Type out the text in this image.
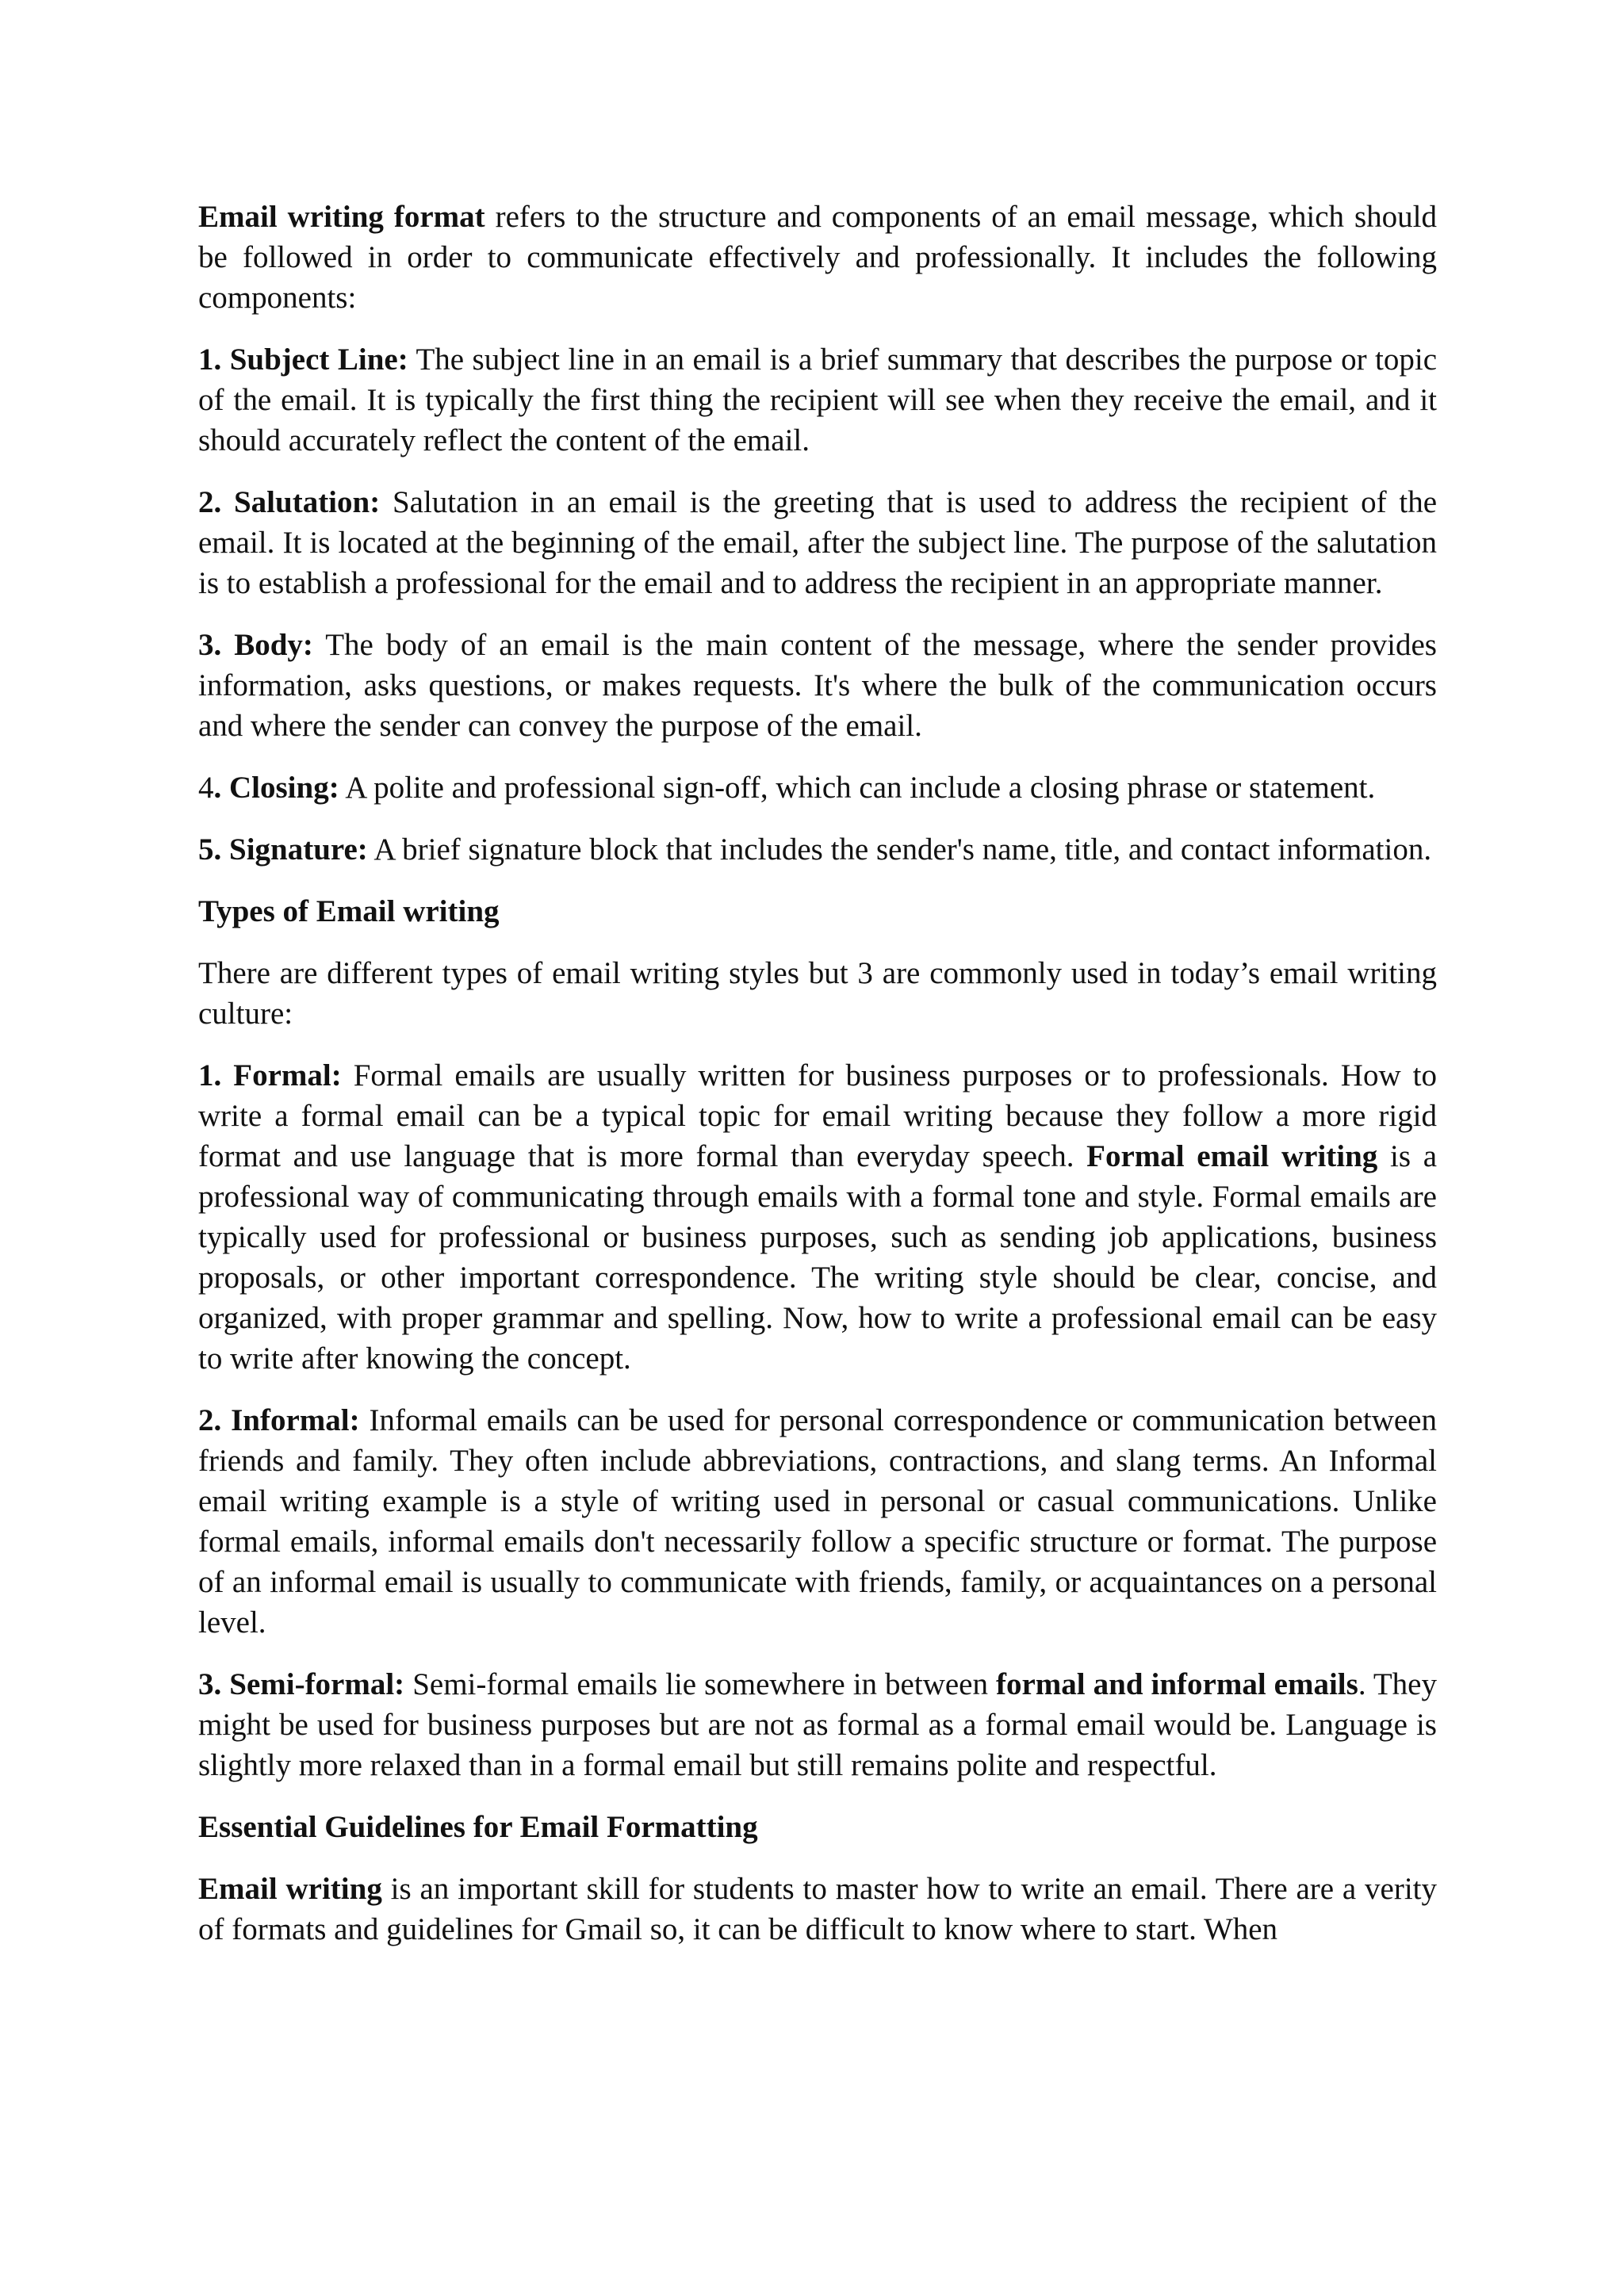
Email writing format refers to the structure and components of an email message, which should be followed in order to communicate effectively and professionally. It includes the following components:

1. Subject Line: The subject line in an email is a brief summary that describes the purpose or topic of the email. It is typically the first thing the recipient will see when they receive the email, and it should accurately reflect the content of the email.

2. Salutation: Salutation in an email is the greeting that is used to address the recipient of the email. It is located at the beginning of the email, after the subject line. The purpose of the salutation is to establish a professional for the email and to address the recipient in an appropriate manner.

3. Body: The body of an email is the main content of the message, where the sender provides information, asks questions, or makes requests. It's where the bulk of the communication occurs and where the sender can convey the purpose of the email.

4. Closing: A polite and professional sign-off, which can include a closing phrase or statement.

5. Signature: A brief signature block that includes the sender's name, title, and contact information.

Types of Email writing

There are different types of email writing styles but 3 are commonly used in today’s email writing culture:

1. Formal: Formal emails are usually written for business purposes or to professionals. How to write a formal email can be a typical topic for email writing because they follow a more rigid format and use language that is more formal than everyday speech. Formal email writing is a professional way of communicating through emails with a formal tone and style. Formal emails are typically used for professional or business purposes, such as sending job applications, business proposals, or other important correspondence. The writing style should be clear, concise, and organized, with proper grammar and spelling. Now, how to write a professional email can be easy to write after knowing the concept.

2. Informal: Informal emails can be used for personal correspondence or communication between friends and family. They often include abbreviations, contractions, and slang terms. An Informal email writing example is a style of writing used in personal or casual communications. Unlike formal emails, informal emails don't necessarily follow a specific structure or format. The purpose of an informal email is usually to communicate with friends, family, or acquaintances on a personal level.

3. Semi-formal: Semi-formal emails lie somewhere in between formal and informal emails. They might be used for business purposes but are not as formal as a formal email would be. Language is slightly more relaxed than in a formal email but still remains polite and respectful.

Essential Guidelines for Email Formatting

Email writing is an important skill for students to master how to write an email. There are a verity of formats and guidelines for Gmail so, it can be difficult to know where to start. When
